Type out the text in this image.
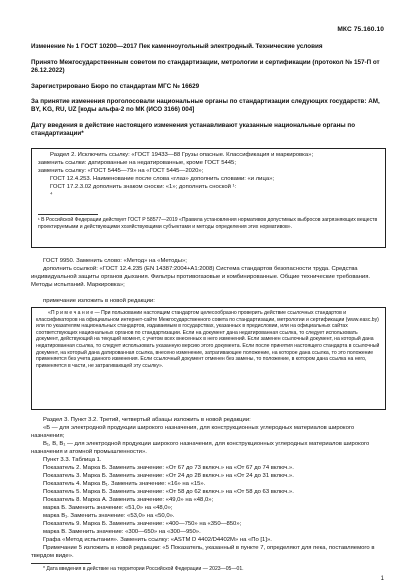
МКС 75.160.10

Изменение № 1 ГОСТ 10200—2017 Пек каменноугольный электродный. Технические условия

Принято Межгосударственным советом по стандартизации, метрологии и сертификации (протокол № 157-П от 26.12.2022)

Зарегистрировано Бюро по стандартам МГС № 16629

За принятие изменения проголосовали национальные органы по стандартизации следующих государств: AM, BY, KG, RU, UZ [коды альфа-2 по МК (ИСО 3166) 004]

Дату введения в действие настоящего изменения устанавливают указанные национальные органы по стандартизации*

Раздел 2. Исключить ссылку: «ГОСТ 19433—88 Грузы опасные. Классификация и маркировка»;

заменить ссылки: датированные на недатированные, кроме ГОСТ 5445;

заменить ссылку: «ГОСТ 5445—79» на «ГОСТ 5445—2020»;

ГОСТ 12.4.253. Наименование после слова «глаз» дополнить словами: «и лица»;

ГОСТ 17.2.3.02 дополнить знаком сноски: «1»; дополнить сноской ¹:

⁴

¹ В Российской Федерации действует ГОСТ Р 58577—2019 «Правила установления нормативов допустимых выбросов загрязняющих веществ проектируемыми и действующими хозяйствующими субъектами и методы определения этих нормативов».

ГОСТ 9950. Заменить слово: «Метод» на «Методы»;

дополнить ссылкой: «ГОСТ 12.4.235 (EN 14387:2004+A1:2008) Система стандартов безопасности труда. Средства индивидуальной защиты органов дыхания. Фильтры противогазовые и комбинированные. Общие технические требования. Методы испытаний. Маркировка»;

примечание изложить в новой редакции:

«П р и м е ч а н и е — При пользовании настоящим стандартом целесообразно проверить действие ссылочных стандартов и классификаторов на официальном интернет-сайте Межгосударственного совета по стандартизации, метрологии и сертификации (www.easc.by) или по указателям национальных стандартов, издаваемым в государствах, указанных в предисловии, или на официальных сайтах соответствующих национальных органов по стандартизации. Если на документ дана недатированная ссылка, то следует использовать документ, действующий на текущий момент, с учетом всех внесенных в него изменений. Если заменен ссылочный документ, на который дана недатированная ссылка, то следует использовать указанную версию этого документа. Если после принятия настоящего стандарта в ссылочный документ, на который дана датированная ссылка, внесено изменение, затрагивающее положение, на которое дана ссылка, то это положение применяется без учета данного изменения. Если ссылочный документ отменен без замены, то положение, в котором дана ссылка на него, применяется в части, не затрагивающей эту ссылку».

Раздел 3. Пункт 3.2. Третий, четвертый абзацы изложить в новой редакции:

«Б — для электродной продукции широкого назначения, для конструкционных углеродных материалов широкого назначения;

В₁, В, В₁ — для электродной продукции широкого назначения, для конструкционных углеродных материалов широкого назначения и атомной промышленности».

Пункт 3.3. Таблица 1.

Показатель 2. Марка Б. Заменить значение: «От 67 до 73 включ.» на «От 67 до 74 включ.».

Показатель 3. Марка Б. Заменить значение: «От 24 до 28 включ.» на «От 24 до 31 включ.».

Показатель 4. Марка В₁. Заменить значение: «16» на «15».

Показатель 5. Марка Б. Заменить значение: «От 58 до 62 включ.» на «От 58 до 63 включ.».

Показатель 8. Марка А. Заменить значение: «49,0» на «48,0»;

марка Б. Заменить значение: «51,0» на «48,0»;

марка В₁. Заменить значение: «53,0» на «50,0».

Показатель 9. Марка Б. Заменить значение: «400—750» на «350—850»;

марка В. Заменить значение: «300—650» на «300—950».

Графа «Метод испытания». Заменить ссылку: «АSТМ D 4402/D4402M» на «По [1]».

Примечание 5 изложить в новой редакции: «5 Показатель, указанный в пункте 7, определяют для пека, поставляемого в твердом виде».

* Дата введения в действие на территории Российской Федерации — 2023—05—01.

1
